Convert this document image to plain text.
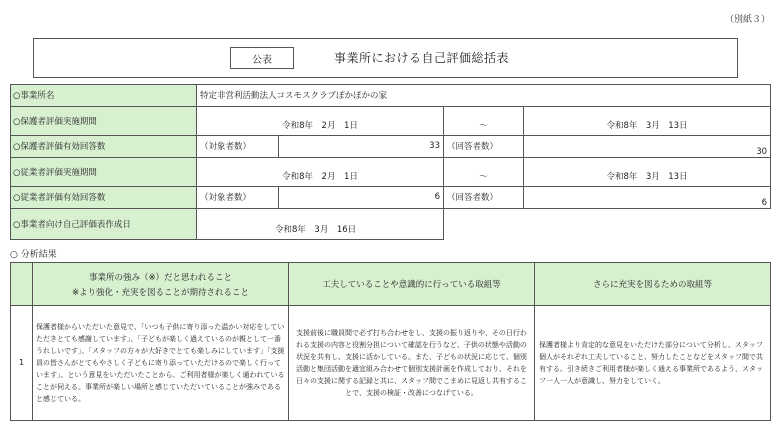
（別紙３）
公表	事業所における自己評価総括表
○事業所名	特定非営利活動法人コスモスクラブぽかぽかの家			
○保護者評価実施期間	令和8年　2月　1日		～	令和8年　3月　13日
○保護者評価有効回答数	（対象者数）	33	（回答者数）	30
○従業者評価実施期間	令和8年　2月　1日		～	令和8年　3月　13日
○従業者評価有効回答数	（対象者数）	6	（回答者数）	6
○事業者向け自己評価表作成日	令和8年　3月　16日			
○ 分析結果

	事業所の強み（※）だと思われること
※より強化・充実を図ることが期待されること	工夫していることや意識的に行っている取組等	さらに充実を図るための取組等
1	保護者様からいただいた意見で、「いつも子供に寄り添った温かい対応をしていただきとても感謝しています」、「子どもが楽しく過えているのが親として一番うれしいです」、「スタッフの方々が大好きでとても楽しみにしています」「支援員の皆さんがとてもやさしく子どもに寄り添っていただけるので楽しく行っています」、という意見をいただいたことから、ご利用者様が楽しく通われていることが伺える。事業所が楽しい場所と感じていただいていることが強みであると感じている。	支援前後に職員間で必ず打ち合わせをし、支援の振り返りや、その日行われる支援の内容と役割分担について確認を行うなど、子供の状態や活動の状況を共有し、支援に活かしている。また、子どもの状況に応じて、個別活動と集団活動を適宜組み合わせて個別支援計画を作成しており、それを日々の支援に関する記録と共に、スタッフ間でこまめに見返し共有することで、支援の検証・改善につなげている。	保護者様より肯定的な意見をいただけた部分について分析し、スタッフ個人がそれぞれ工夫していること、努力したことなどをスタッフ間で共有する。引き続きご利用者様が楽しく通える事業所であるよう、スタッフ一人一人が意識し、努力をしていく。
